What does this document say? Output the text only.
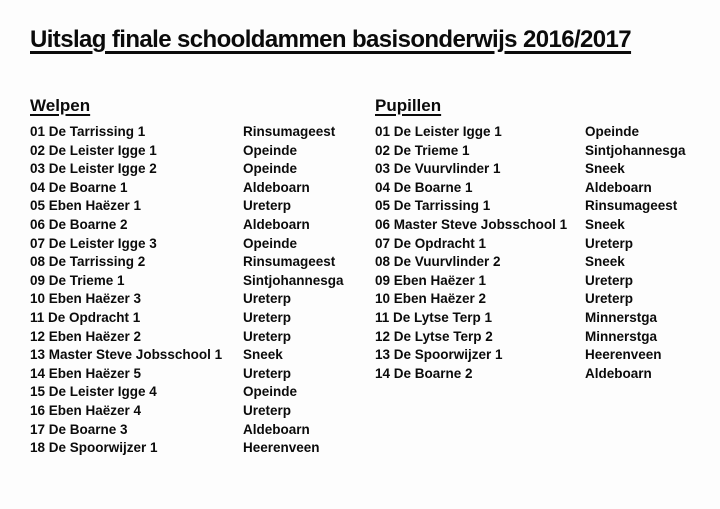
Uitslag finale schooldammen basisonderwijs 2016/2017
Welpen
01 De Tarrissing 1	Rinsumageest
02 De Leister Igge 1	Opeinde
03 De Leister Igge 2	Opeinde
04 De Boarne 1	Aldeboarn
05 Eben Haëzer 1	Ureterp
06 De Boarne 2	Aldeboarn
07 De Leister Igge 3	Opeinde
08 De Tarrissing 2	Rinsumageest
09 De Trieme 1	Sintjohannesga
10 Eben Haëzer 3	Ureterp
11 De Opdracht 1	Ureterp
12 Eben Haëzer 2	Ureterp
13 Master Steve Jobsschool 1 Sneek
14 Eben Haëzer 5	Ureterp
15 De Leister Igge 4	Opeinde
16 Eben Haëzer 4	Ureterp
17 De Boarne 3	Aldeboarn
18 De Spoorwijzer 1	Heerenveen
Pupillen
01 De Leister Igge 1	Opeinde
02 De Trieme 1	Sintjohannesga
03 De Vuurvlinder 1	Sneek
04 De Boarne 1	Aldeboarn
05 De Tarrissing 1	Rinsumageest
06 Master Steve Jobsschool 1 Sneek
07 De Opdracht 1	Ureterp
08 De Vuurvlinder 2	Sneek
09 Eben Haëzer 1	Ureterp
10 Eben Haëzer 2	Ureterp
11 De Lytse Terp 1	Minnerstga
12 De Lytse Terp 2	Minnerstga
13 De Spoorwijzer 1	Heerenveen
14 De Boarne 2	Aldeboarn
